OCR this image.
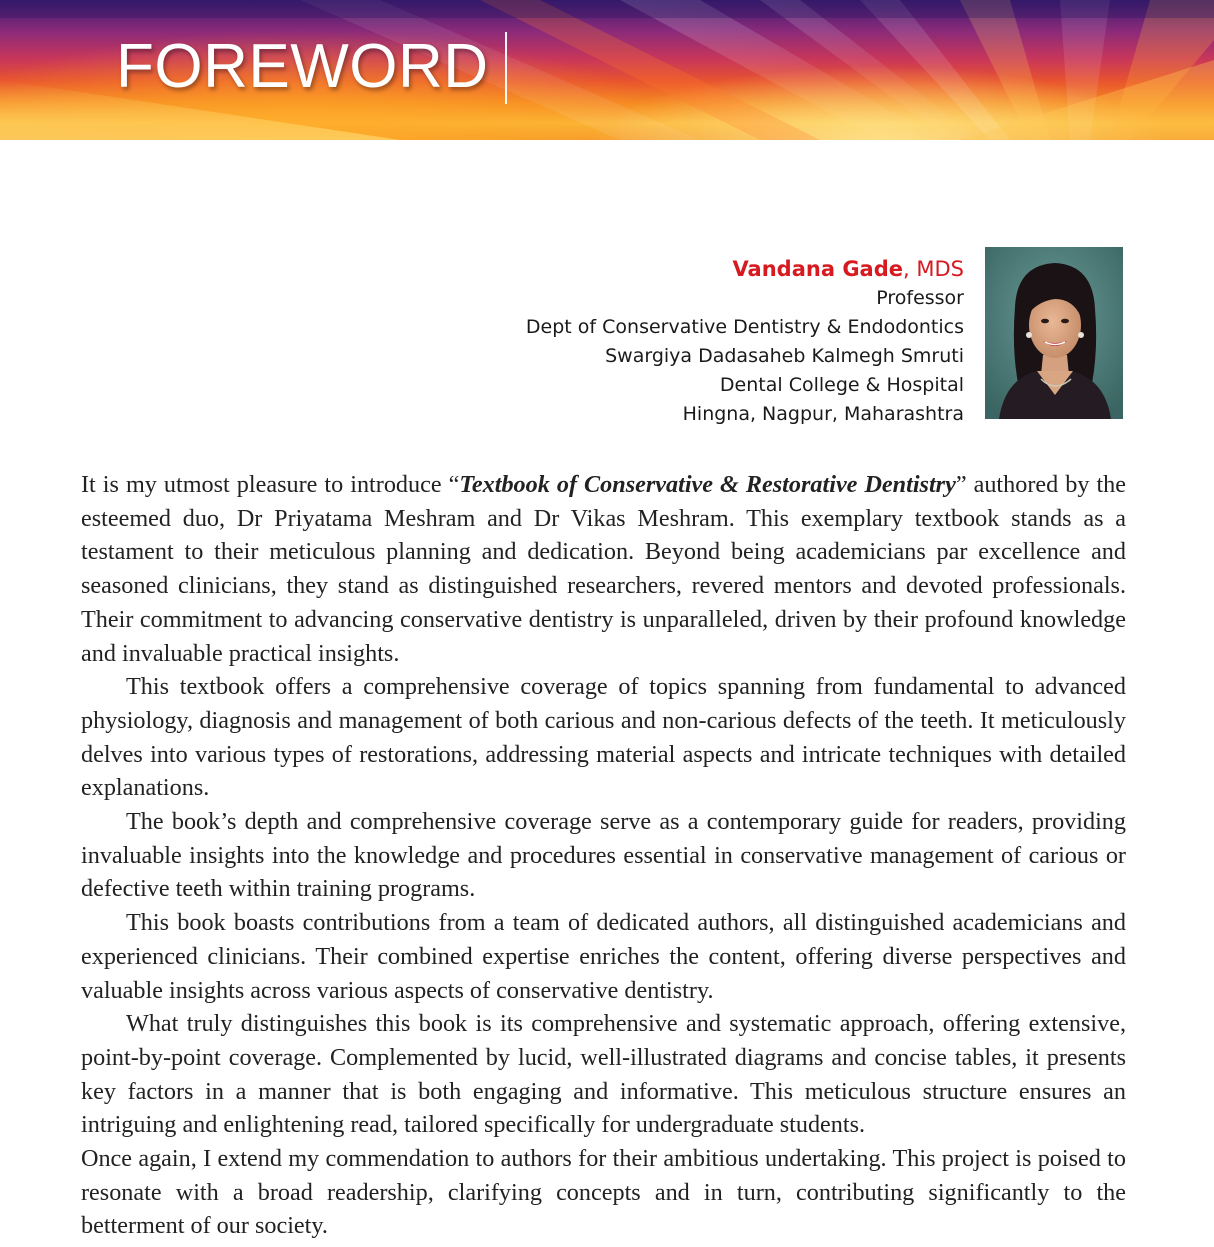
FOREWORD
Vandana Gade, MDS
Professor
Dept of Conservative Dentistry & Endodontics
Swargiya Dadasaheb Kalmegh Smruti
Dental College & Hospital
Hingna, Nagpur, Maharashtra

It is my utmost pleasure to introduce “Textbook of Conservative & Restorative Dentistry” authored by the esteemed duo, Dr Priyatama Meshram and Dr Vikas Meshram. This exemplary textbook stands as a testament to their meticulous planning and dedication. Beyond being academicians par excellence and seasoned clinicians, they stand as distinguished researchers, revered mentors and devoted professionals. Their commitment to advancing conservative dentistry is unparalleled, driven by their profound knowledge and invaluable practical insights.

This textbook offers a comprehensive coverage of topics spanning from fundamental to advanced physiology, diagnosis and management of both carious and non-carious defects of the teeth. It meticulously delves into various types of restorations, addressing material aspects and intricate techniques with detailed explanations.

The book’s depth and comprehensive coverage serve as a contemporary guide for readers, providing invaluable insights into the knowledge and procedures essential in conservative management of carious or defective teeth within training programs.

This book boasts contributions from a team of dedicated authors, all distinguished academicians and experienced clinicians. Their combined expertise enriches the content, offering diverse perspectives and valuable insights across various aspects of conservative dentistry.

What truly distinguishes this book is its comprehensive and systematic approach, offering extensive, point-by-point coverage. Complemented by lucid, well-illustrated diagrams and concise tables, it presents key factors in a manner that is both engaging and informative. This meticulous structure ensures an intriguing and enlightening read, tailored specifically for undergraduate students.

Once again, I extend my commendation to authors for their ambitious undertaking. This project is poised to resonate with a broad readership, clarifying concepts and in turn, contributing significantly to the betterment of our society.
